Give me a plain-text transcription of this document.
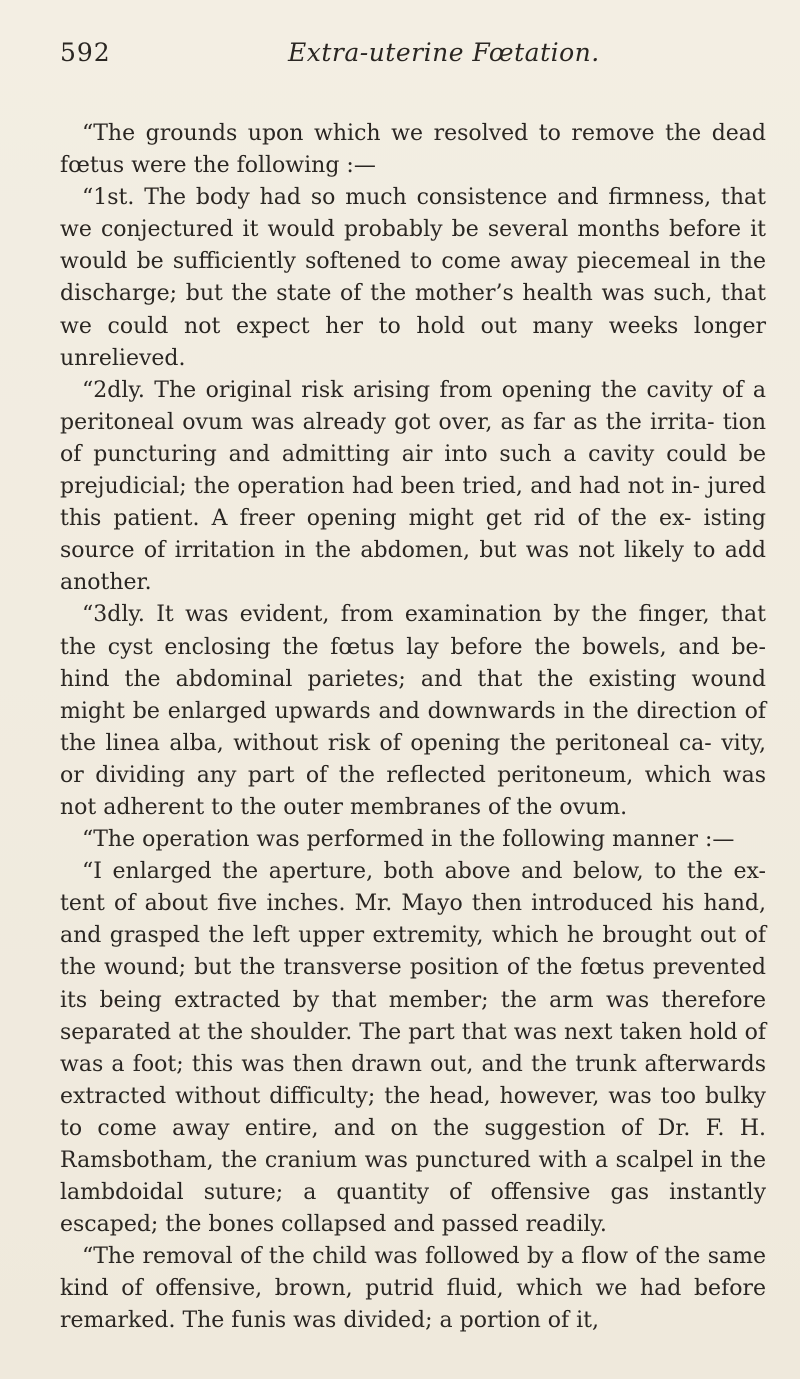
592	Extra-uterine Fœtation.

“The grounds upon which we resolved to remove the dead fœtus were the following :—

“1st. The body had so much consistence and firmness, that we conjectured it would probably be several months before it would be sufficiently softened to come away piecemeal in the discharge; but the state of the mother’s health was such, that we could not expect her to hold out many weeks longer unrelieved.

“2dly. The original risk arising from opening the cavity of a peritoneal ovum was already got over, as far as the irrita- tion of puncturing and admitting air into such a cavity could be prejudicial; the operation had been tried, and had not in- jured this patient. A freer opening might get rid of the ex- isting source of irritation in the abdomen, but was not likely to add another.

“3dly. It was evident, from examination by the finger, that the cyst enclosing the fœtus lay before the bowels, and be- hind the abdominal parietes; and that the existing wound might be enlarged upwards and downwards in the direction of the linea alba, without risk of opening the peritoneal ca- vity, or dividing any part of the reflected peritoneum, which was not adherent to the outer membranes of the ovum.

“The operation was performed in the following manner :—

“I enlarged the aperture, both above and below, to the ex- tent of about five inches. Mr. Mayo then introduced his hand, and grasped the left upper extremity, which he brought out of the wound; but the transverse position of the fœtus prevented its being extracted by that member; the arm was therefore separated at the shoulder. The part that was next taken hold of was a foot; this was then drawn out, and the trunk afterwards extracted without difficulty; the head, however, was too bulky to come away entire, and on the suggestion of Dr. F. H. Ramsbotham, the cranium was punctured with a scalpel in the lambdoidal suture; a quantity of offensive gas instantly escaped; the bones collapsed and passed readily.

“The removal of the child was followed by a flow of the same kind of offensive, brown, putrid fluid, which we had before remarked. The funis was divided; a portion of it,
